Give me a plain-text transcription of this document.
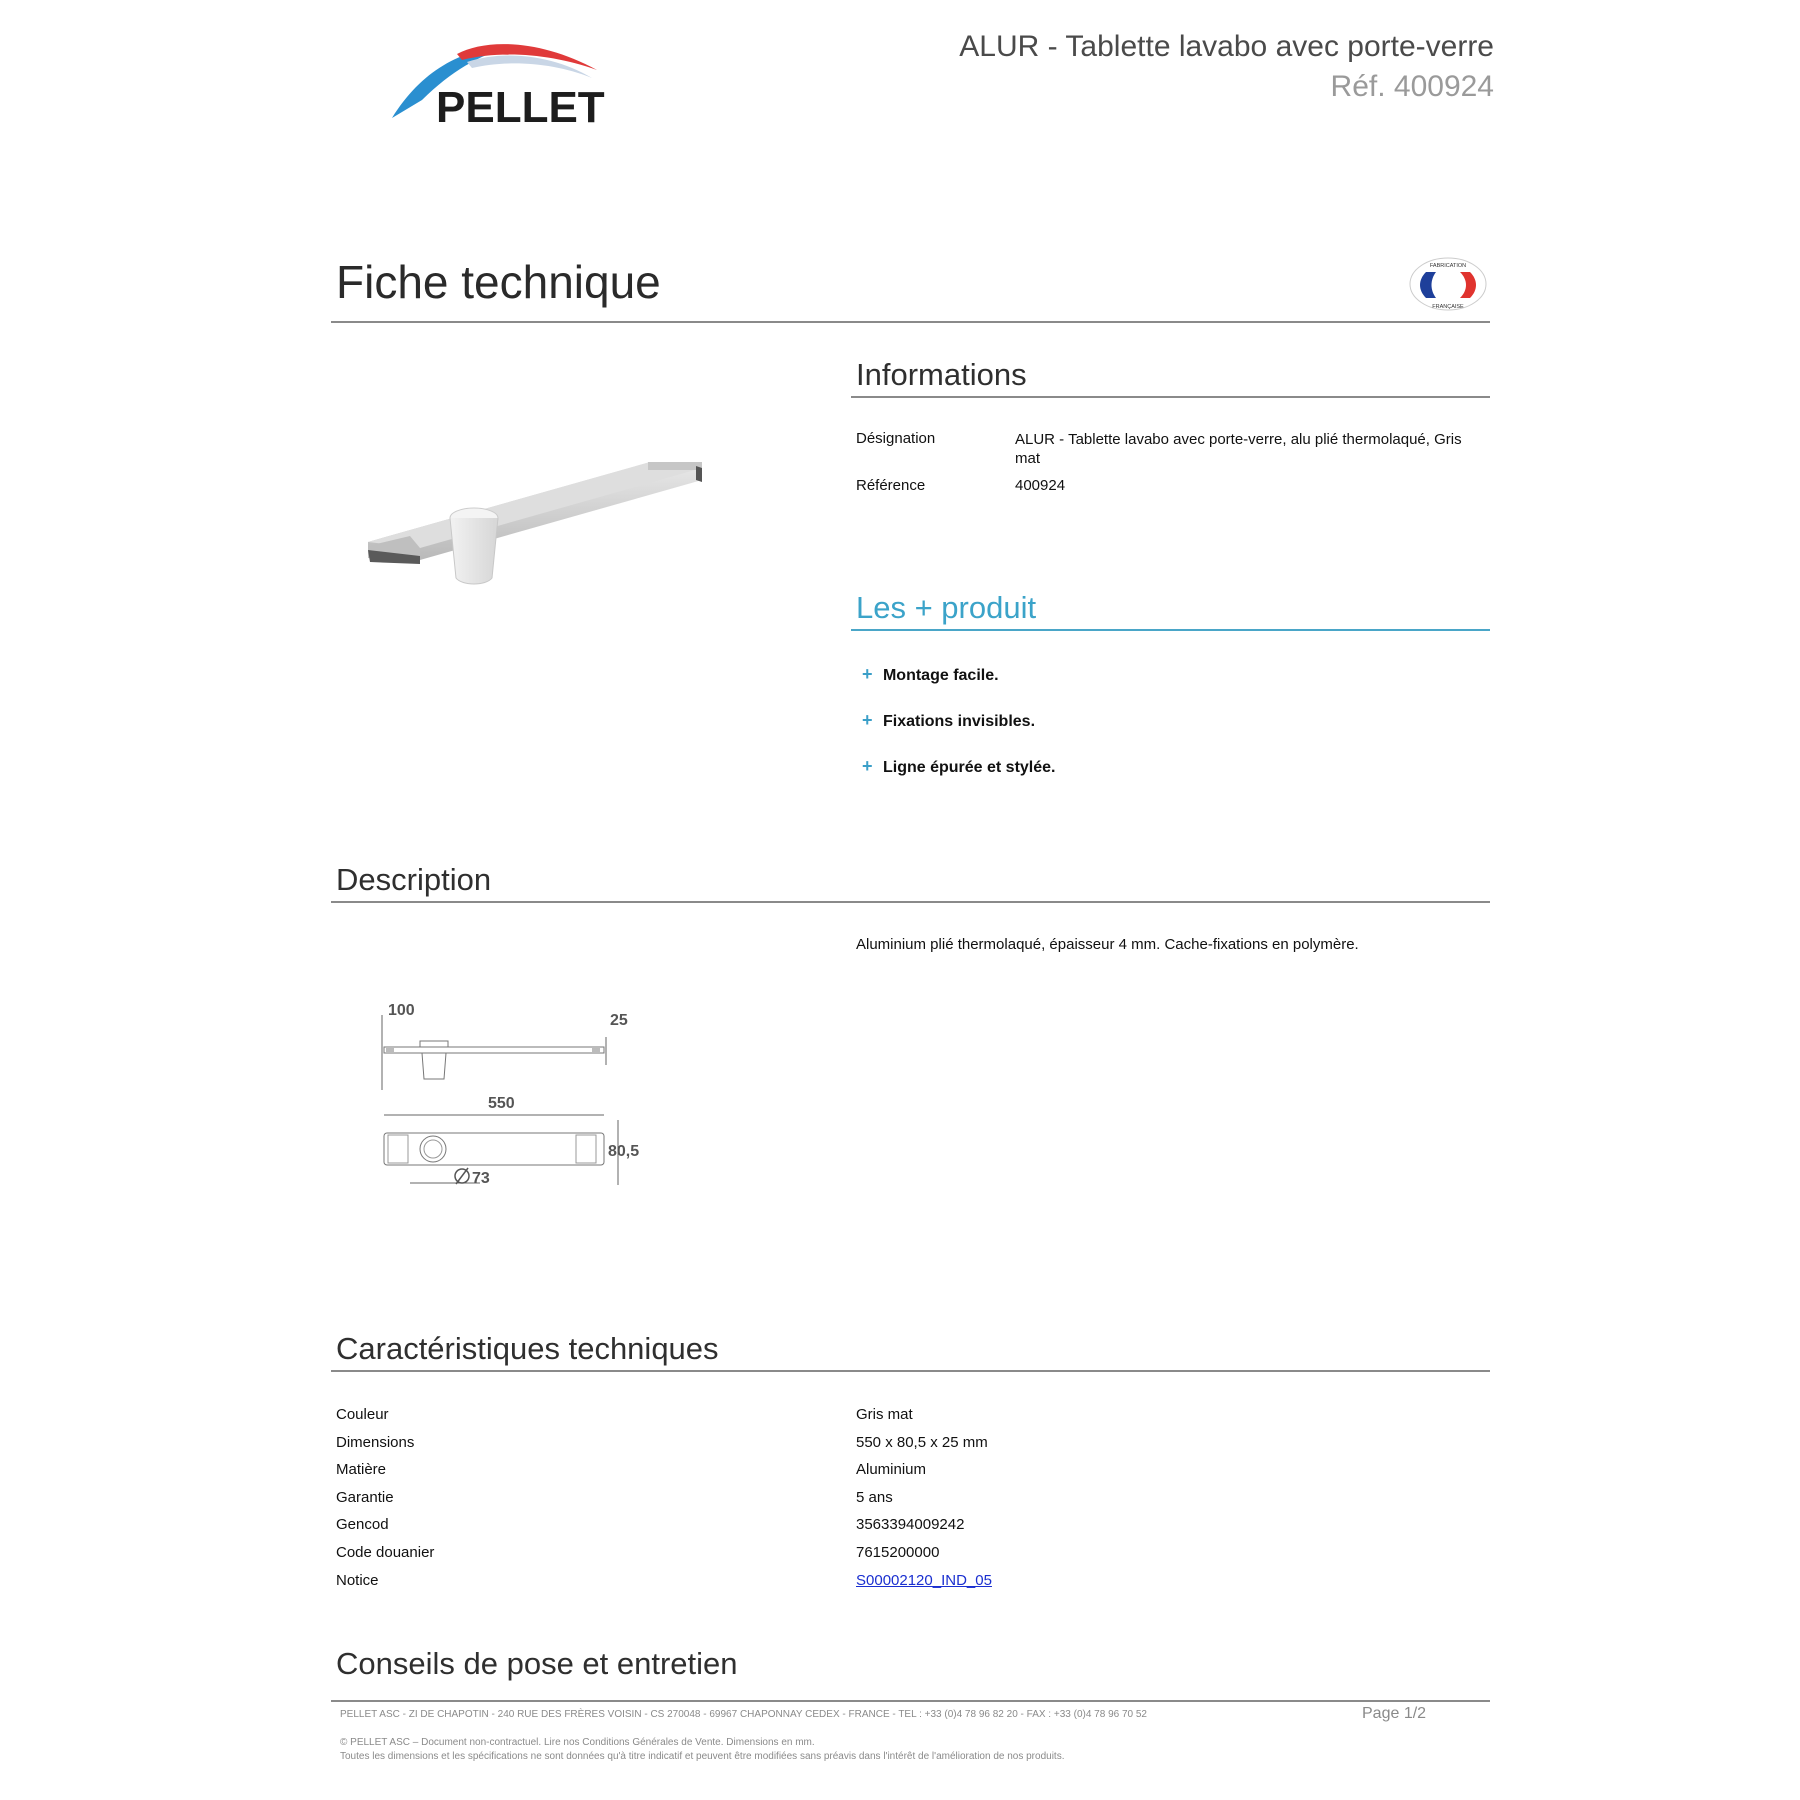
PELLET
ALUR - Tablette lavabo avec porte-verre
Réf. 400924
Fiche technique	FABRICATION
FRANÇAISE
Informations
Désignation	ALUR - Tablette lavabo avec porte-verre, alu plié thermolaqué, Gris mat
Référence	400924
Les + produit
+ Montage facile.
+ Fixations invisibles.
+ Ligne épurée et stylée.
Description
Aluminium plié thermolaqué, épaisseur 4 mm. Cache-fixations en polymère.
100
25
550
80,5
73
Caractéristiques techniques
Couleur	Gris mat
Dimensions	550 x 80,5 x 25 mm
Matière	Aluminium
Garantie	5 ans
Gencod	3563394009242
Code douanier	7615200000
Notice	S00002120_IND_05
Conseils de pose et entretien
PELLET ASC - ZI DE CHAPOTIN - 240 RUE DES FRÈRES VOISIN - CS 270048 - 69967 CHAPONNAY CEDEX - FRANCE - TEL : +33 (0)4 78 96 82 20 - FAX : +33 (0)4 78 96 70 52	Page 1/2
© PELLET ASC – Document non-contractuel. Lire nos Conditions Générales de Vente. Dimensions en mm.
Toutes les dimensions et les spécifications ne sont données qu'à titre indicatif et peuvent être modifiées sans préavis dans l'intérêt de l'amélioration de nos produits.
